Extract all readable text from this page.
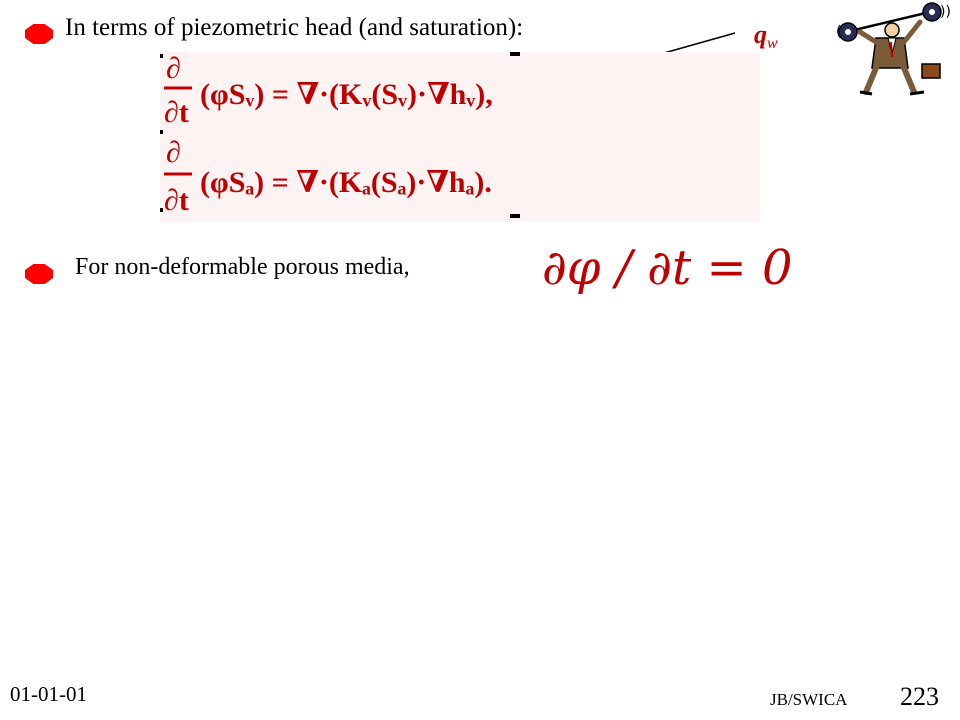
In terms of piezometric head (and saturation):	$q_w$
∂
∂t
(φSᵥ) = ∇·(Kᵥ(Sᵥ)·∇hᵥ),
∂
∂t
(φSₐ) = ∇·(Kₐ(Sₐ)·∇hₐ).
(
))
For non-deformable porous media,	∂φ / ∂t = 0
01-01-01	JB/SWICA 223
